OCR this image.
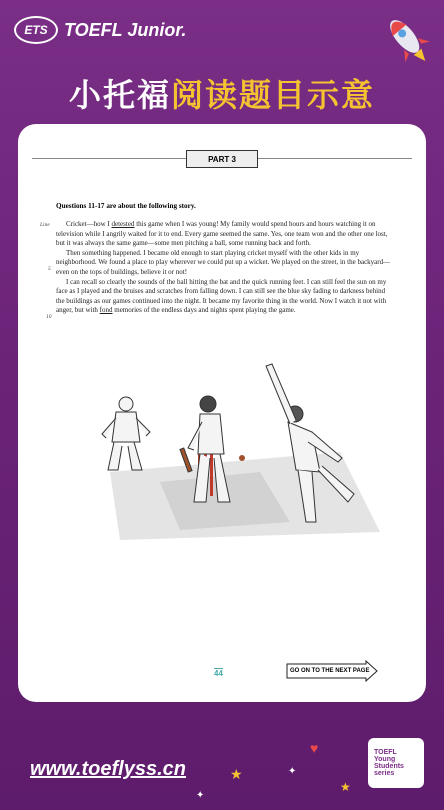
ETS TOEFL Junior.
小托福阅读题目示意
PART 3
Questions 11-17 are about the following story.
Line
5
10

Cricket—how I detested this game when I was young! My family would spend hours and hours watching it on television while I angrily waited for it to end. Every game seemed the same. Yes, one team won and the other one lost, but it was always the same game—some men pitching a ball, some running back and forth.

Then something happened. I became old enough to start playing cricket myself with the other kids in my neighborhood. We found a place to play wherever we could put up a wicket. We played on the street, in the backyard—even on the tops of buildings, believe it or not!

I can recall so clearly the sounds of the ball hitting the bat and the quick running feet. I can still feel the sun on my face as I played and the bruises and scratches from falling down. I can still see the blue sky fading to darkness behind the buildings as our games continued into the night. It became my favorite thing in the world. Now I watch it not with anger, but with fond memories of the endless days and nights spent playing the game.

44	GO ON TO THE NEXT PAGE
www.toeflyss.cn
TOEFL
Young
Students
series
★
♥
★
✦
✦
